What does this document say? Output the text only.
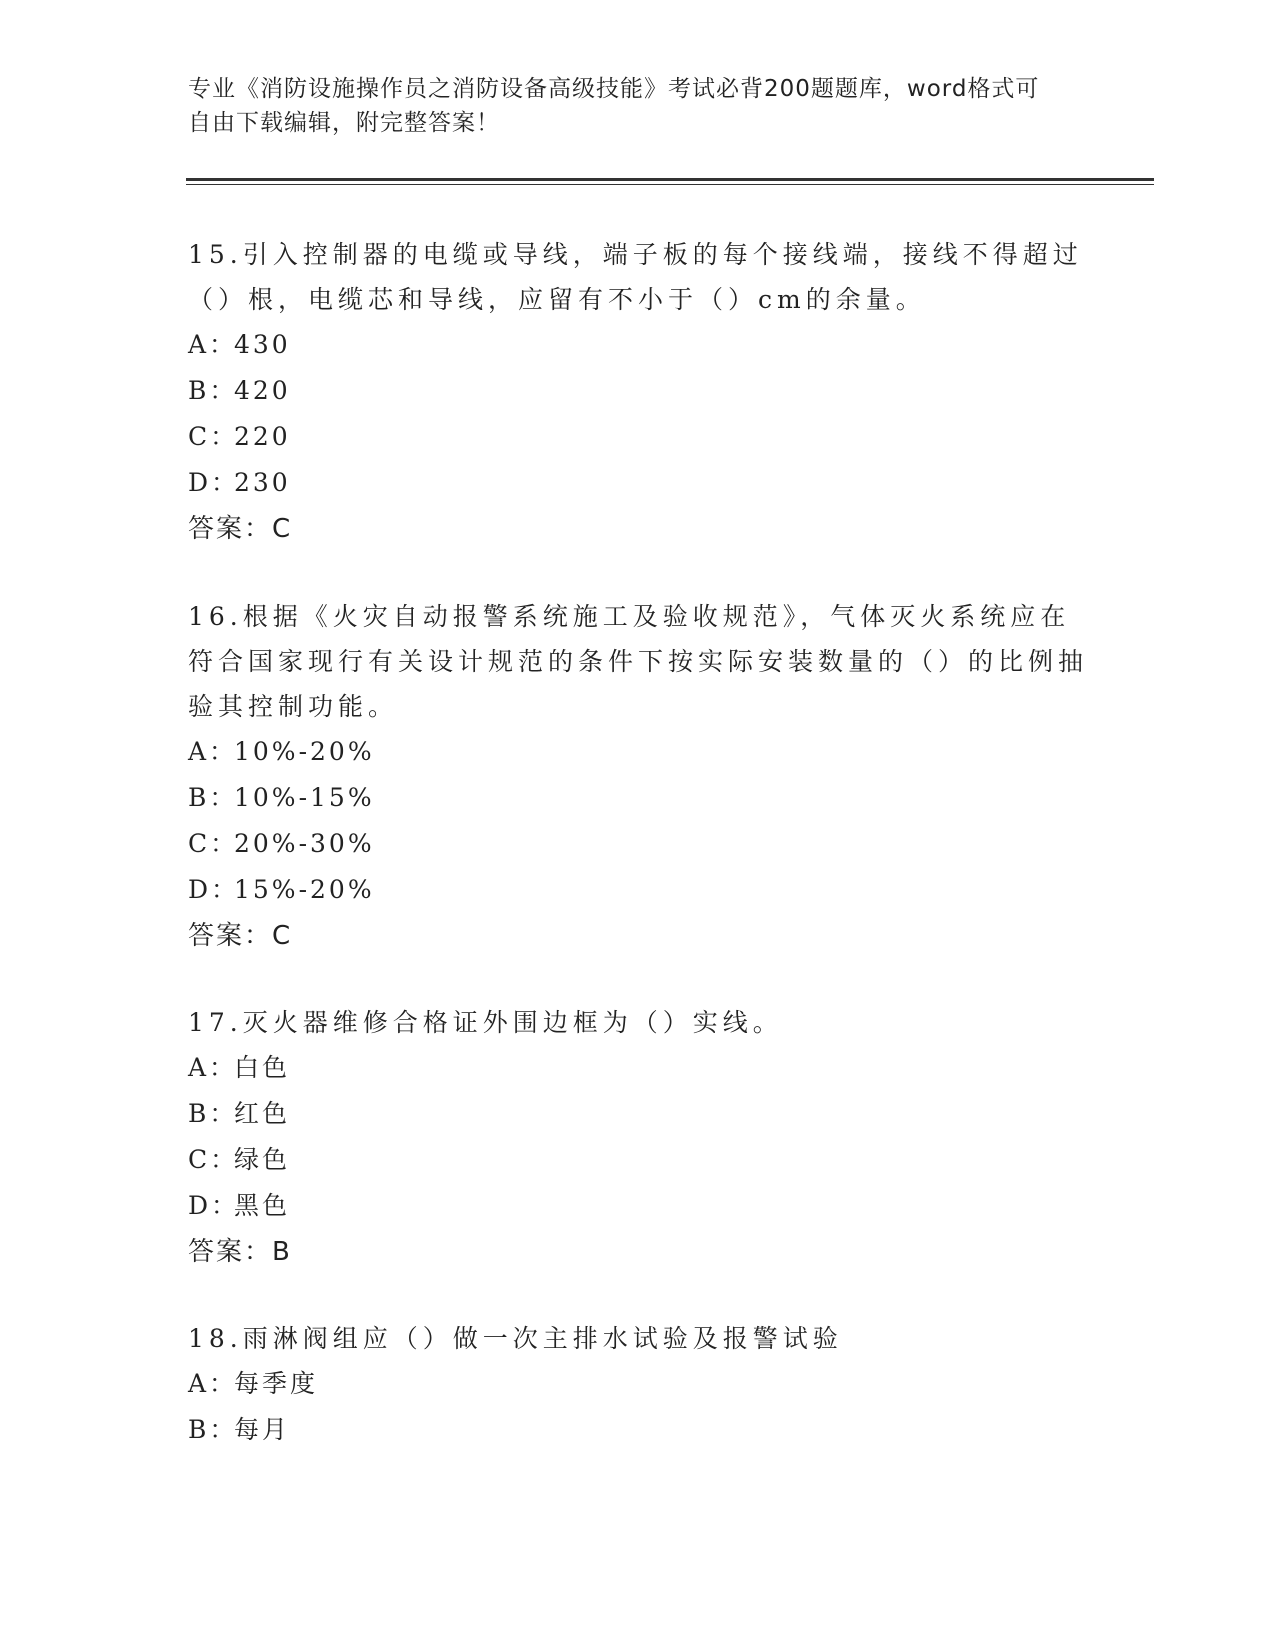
专业《消防设施操作员之消防设备高级技能》考试必背200题题库，word格式可
自由下载编辑，附完整答案！

15.引入控制器的电缆或导线，端子板的每个接线端，接线不得超过（）根，电缆芯和导线，应留有不小于（）cm的余量。

A：430
B：420
C：220
D：230
答案：C

16.根据《火灾自动报警系统施工及验收规范》，气体灭火系统应在符合国家现行有关设计规范的条件下按实际安装数量的（）的比例抽验其控制功能。

A：10%-20%
B：10%-15%
C：20%-30%
D：15%-20%
答案：C

17.灭火器维修合格证外围边框为（）实线。

A：白色
B：红色
C：绿色
D：黑色
答案：B

18.雨淋阀组应（）做一次主排水试验及报警试验

A：每季度
B：每月
